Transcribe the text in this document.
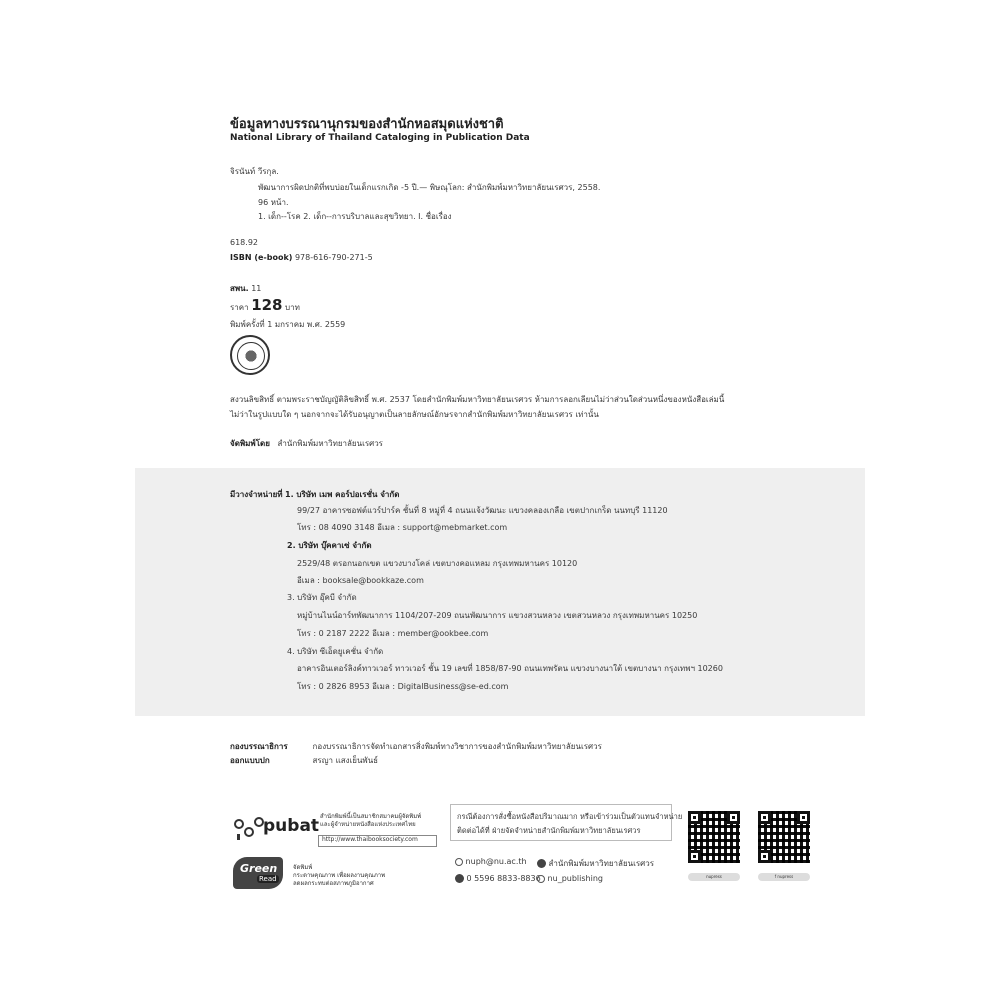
ข้อมูลทางบรรณานุกรมของสำนักหอสมุดแห่งชาติ
National Library of Thailand Cataloging in Publication Data
จิรนันท์ วีรกุล.
พัฒนาการผิดปกติที่พบบ่อยในเด็กแรกเกิด -5 ปี.— พิษณุโลก: สำนักพิมพ์มหาวิทยาลัยนเรศวร, 2558.
96 หน้า.
1. เด็ก--โรค 2. เด็ก--การบริบาลและสุขวิทยา. I. ชื่อเรื่อง
618.92
ISBN (e-book) 978-616-790-271-5
สพน. 11
ราคา 128 บาท
พิมพ์ครั้งที่ 1 มกราคม พ.ศ. 2559
สงวนลิขสิทธิ์ ตามพระราชบัญญัติลิขสิทธิ์ พ.ศ. 2537 โดยสำนักพิมพ์มหาวิทยาลัยนเรศวร ห้ามการลอกเลียนไม่ว่าส่วนใดส่วนหนึ่งของหนังสือเล่มนี้
ไม่ว่าในรูปแบบใด ๆ นอกจากจะได้รับอนุญาตเป็นลายลักษณ์อักษรจากสำนักพิมพ์มหาวิทยาลัยนเรศวร เท่านั้น
จัดพิมพ์โดย สำนักพิมพ์มหาวิทยาลัยนเรศวร
มีวางจำหน่ายที่ 1. บริษัท เมพ คอร์ปอเรชั่น จำกัด
99/27 อาคารซอฟต์แวร์ปาร์ค ชั้นที่ 8 หมู่ที่ 4 ถนนแจ้งวัฒนะ แขวงคลองเกลือ เขตปากเกร็ด นนทบุรี 11120
โทร : 08 4090 3148 อีเมล : support@mebmarket.com
2. บริษัท บุ๊คคาเซ่ จำกัด
2529/48 ตรอกนอกเขต แขวงบางโคล่ เขตบางคอแหลม กรุงเทพมหานคร 10120
อีเมล : booksale@bookkaze.com
3. บริษัท อุ๊คบี จำกัด
หมู่บ้านไนน์อาร์ทพัฒนาการ 1104/207-209 ถนนพัฒนาการ แขวงสวนหลวง เขตสวนหลวง กรุงเทพมหานคร 10250
โทร : 0 2187 2222 อีเมล : member@ookbee.com
4. บริษัท ซีเอ็ดยูเคชั่น จำกัด
อาคารอินเตอร์ลิงค์ทาวเวอร์ ทาวเวอร์ ชั้น 19 เลขที่ 1858/87-90 ถนนเทพรัตน แขวงบางนาใต้ เขตบางนา กรุงเทพฯ 10260
โทร : 0 2826 8953 อีเมล : DigitalBusiness@se-ed.com
กองบรรณาธิการ	กองบรรณาธิการจัดทำเอกสารสิ่งพิมพ์ทางวิชาการของสำนักพิมพ์มหาวิทยาลัยนเรศวร
ออกแบบปก	สรญา แสงเย็นพันธ์
pubat สำนักพิมพ์นี้เป็นสมาชิกสมาคมผู้จัดพิมพ์
และผู้จำหน่ายหนังสือแห่งประเทศไทย
http://www.thaibooksociety.com
Green
Read
จัดพิมพ์
กระดาษคุณภาพ เพื่อผลงานคุณภาพ
ลดผลกระทบต่อสภาพภูมิอากาศ
กรณีต้องการสั่งซื้อหนังสือปริมาณมาก หรือเข้าร่วมเป็นตัวแทนจำหน่าย
ติดต่อได้ที่ ฝ่ายจัดจำหน่ายสำนักพิมพ์มหาวิทยาลัยนเรศวร
nuph@nu.ac.th	สำนักพิมพ์มหาวิทยาลัยนเรศวร
0 5596 8833-8836 nu_publishing	nupress	f nupress
